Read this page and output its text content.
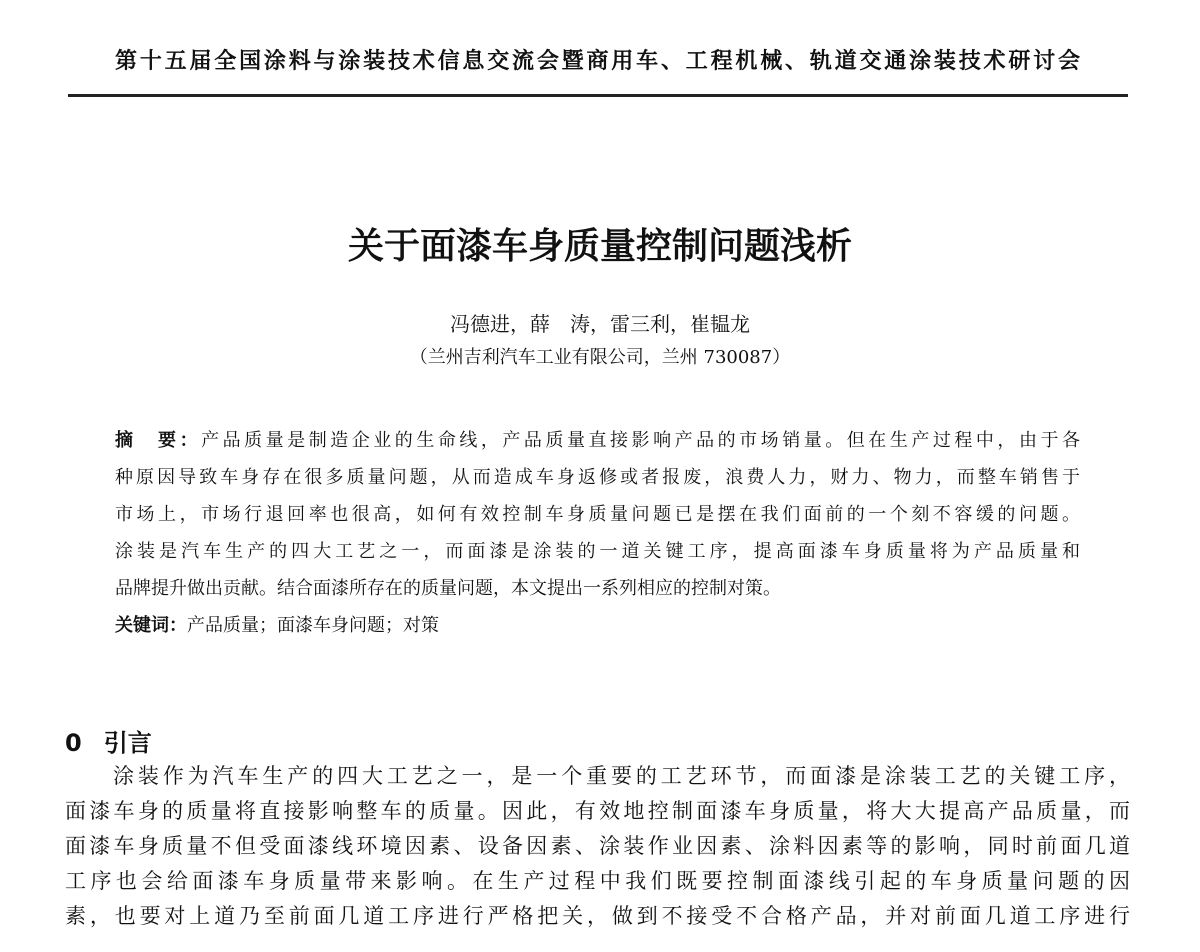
第十五届全国涂料与涂装技术信息交流会暨商用车、工程机械、轨道交通涂装技术研讨会
关于面漆车身质量控制问题浅析
冯德进，薛　涛，雷三利，崔韫龙
（兰州吉利汽车工业有限公司，兰州 730087）
摘　要：产品质量是制造企业的生命线，产品质量直接影响产品的市场销量。但在生产过程中，由于各
种原因导致车身存在很多质量问题，从而造成车身返修或者报废，浪费人力，财力、物力，而整车销售于
市场上，市场行退回率也很高，如何有效控制车身质量问题已是摆在我们面前的一个刻不容缓的问题。
涂装是汽车生产的四大工艺之一，而面漆是涂装的一道关键工序，提高面漆车身质量将为产品质量和
品牌提升做出贡献。结合面漆所存在的质量问题，本文提出一系列相应的控制对策。
关键词：产品质量；面漆车身问题；对策
0 引言
涂装作为汽车生产的四大工艺之一，是一个重要的工艺环节，而面漆是涂装工艺的关键工序，
面漆车身的质量将直接影响整车的质量。因此，有效地控制面漆车身质量，将大大提高产品质量，而
面漆车身质量不但受面漆线环境因素、设备因素、涂装作业因素、涂料因素等的影响，同时前面几道
工序也会给面漆车身质量带来影响。在生产过程中我们既要控制面漆线引起的车身质量问题的因
素，也要对上道乃至前面几道工序进行严格把关，做到不接受不合格产品，并对前面几道工序进行
